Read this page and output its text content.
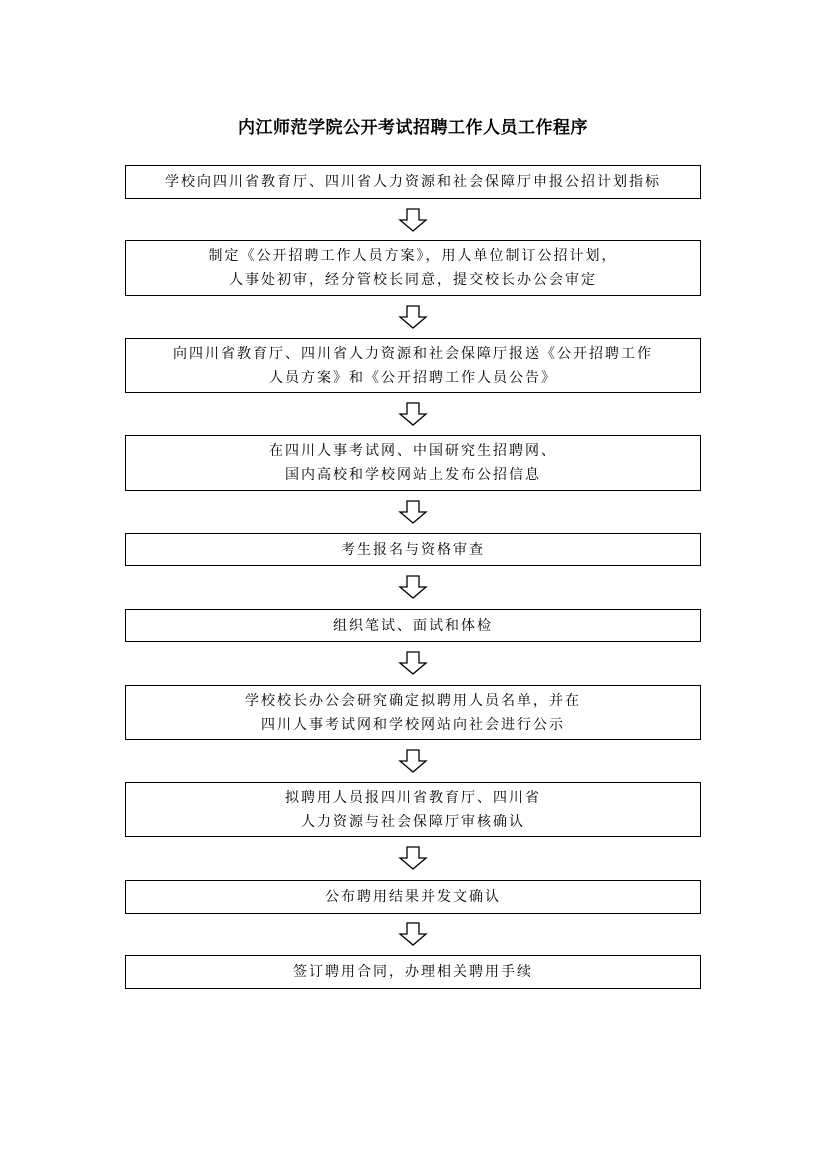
内江师范学院公开考试招聘工作人员工作程序
学校向四川省教育厅、四川省人力资源和社会保障厅申报公招计划指标
制定《公开招聘工作人员方案》，用人单位制订公招计划，
人事处初审，经分管校长同意，提交校长办公会审定
向四川省教育厅、四川省人力资源和社会保障厅报送《公开招聘工作
人员方案》和《公开招聘工作人员公告》
在四川人事考试网、中国研究生招聘网、
国内高校和学校网站上发布公招信息
考生报名与资格审查
组织笔试、面试和体检
学校校长办公会研究确定拟聘用人员名单，并在
四川人事考试网和学校网站向社会进行公示
拟聘用人员报四川省教育厅、四川省
人力资源与社会保障厅审核确认
公布聘用结果并发文确认
签订聘用合同，办理相关聘用手续
